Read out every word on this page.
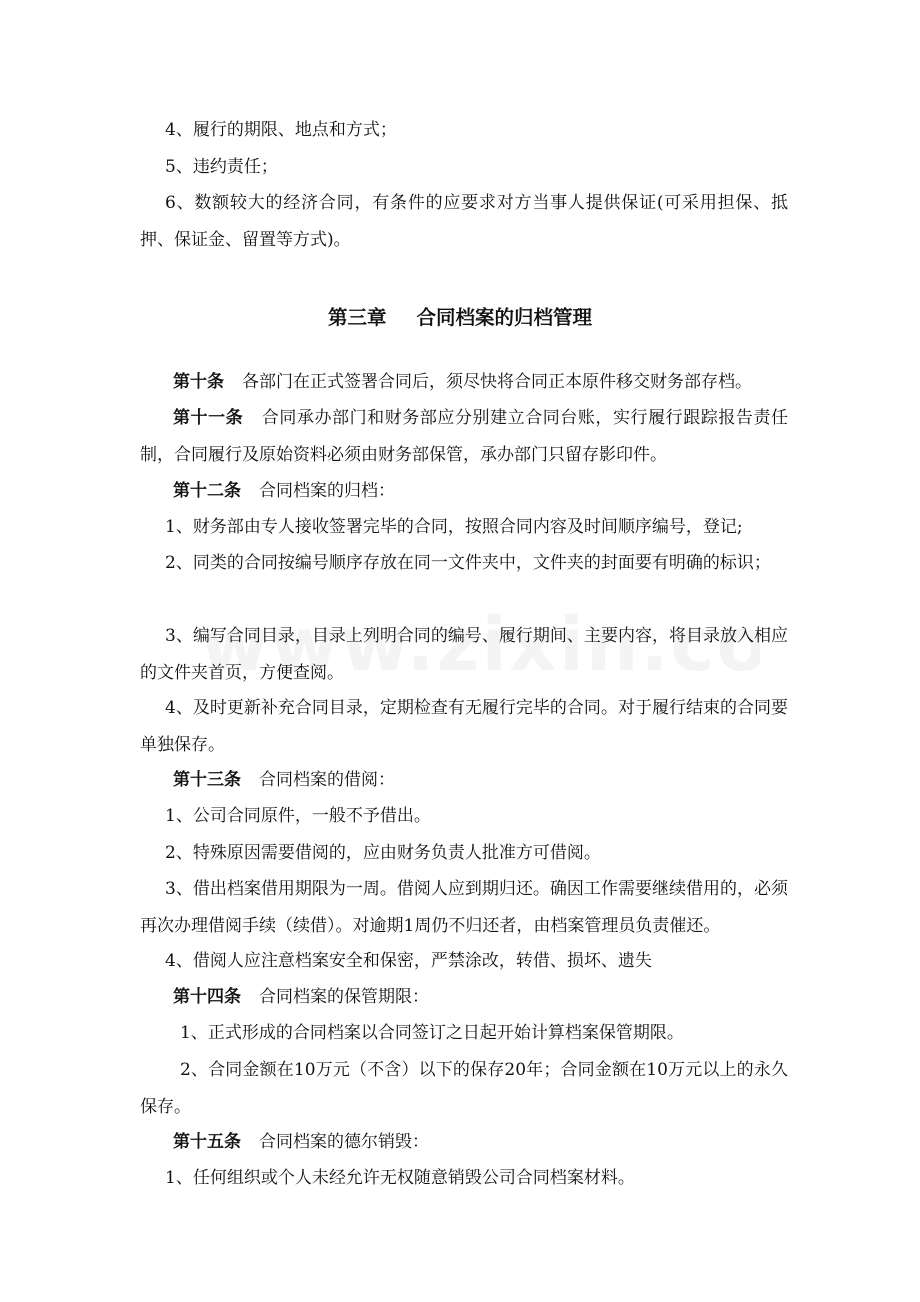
4、履行的期限、地点和方式；

5、违约责任；

6、数额较大的经济合同，有条件的应要求对方当事人提供保证(可采用担保、抵押、保证金、留置等方式)。

第三章 合同档案的归档管理

第十条 各部门在正式签署合同后，须尽快将合同正本原件移交财务部存档。

第十一条 合同承办部门和财务部应分别建立合同台账，实行履行跟踪报告责任制，合同履行及原始资料必须由财务部保管，承办部门只留存影印件。

第十二条 合同档案的归档：

1、财务部由专人接收签署完毕的合同，按照合同内容及时间顺序编号，登记;

2、同类的合同按编号顺序存放在同一文件夹中，文件夹的封面要有明确的标识；

3、编写合同目录，目录上列明合同的编号、履行期间、主要内容，将目录放入相应的文件夹首页，方便查阅。

4、及时更新补充合同目录，定期检查有无履行完毕的合同。对于履行结束的合同要单独保存。

第十三条 合同档案的借阅：

1、公司合同原件，一般不予借出。

2、特殊原因需要借阅的，应由财务负责人批准方可借阅。

3、借出档案借用期限为一周。借阅人应到期归还。确因工作需要继续借用的，必须再次办理借阅手续（续借）。对逾期1周仍不归还者，由档案管理员负责催还。

4、借阅人应注意档案安全和保密，严禁涂改，转借、损坏、遗失

第十四条 合同档案的保管期限：

1、正式形成的合同档案以合同签订之日起开始计算档案保管期限。

2、合同金额在10万元（不含）以下的保存20年；合同金额在10万元以上的永久保存。

第十五条 合同档案的德尔销毁：

1、任何组织或个人未经允许无权随意销毁公司合同档案材料。
